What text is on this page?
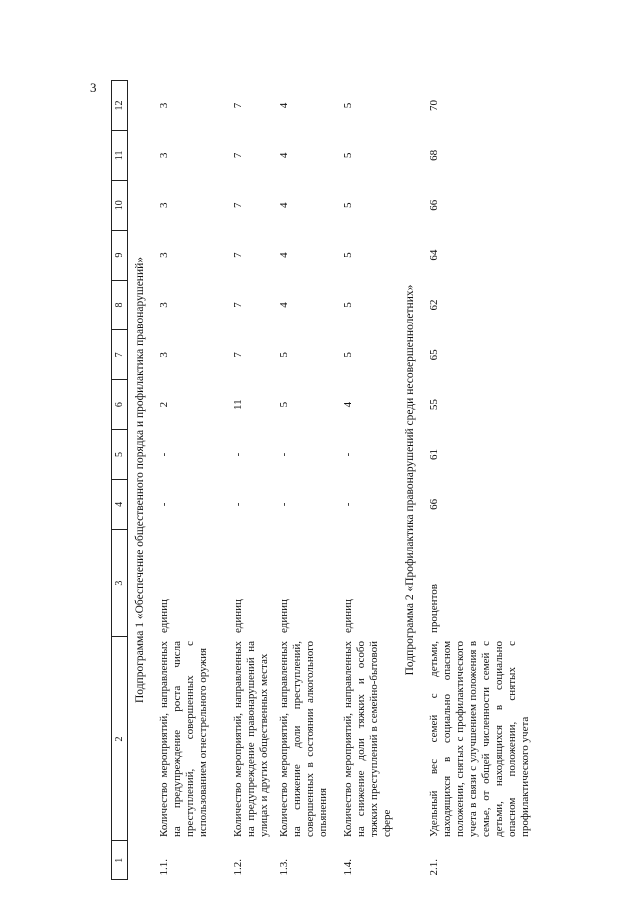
3
1	2	3	4	5	6	7	8	9	10	11	12
Подпрограмма 1 «Обеспечение общественного порядка и профилактика правонарушений»											
1.1.	Количество мероприятий, направленных на предупреждение роста числа преступлений, совершенных с использованием огнестрельного оружия	единиц	-	-	2	3	3	3	3	3	3
1.2.	Количество мероприятий, направленных на предупреждение правонарушений на улицах и других общественных местах	единиц	-	-	11	7	7	7	7	7	7
1.3.	Количество мероприятий, направленных на снижение доли преступлений, совершенных в состоянии алкогольного опьянения	единиц	-	-	5	5	4	4	4	4	4
1.4.	Количество мероприятий, направленных на снижение доли тяжких и особо тяжких преступлений в семейно-бытовой сфере	единиц	-	-	4	5	5	5	5	5	5
Подпрограмма 2 «Профилактика правонарушений среди несовершеннолетних»											
2.1.	Удельный вес семей с детьми, находящихся в социально опасном положении, снятых с профилактического учета в связи с улучшением положения в семье, от общей численности семей с детьми, находящихся в социально опасном положении, снятых с профилактического учета	процентов	66	61	55	65	62	64	66	68	70
